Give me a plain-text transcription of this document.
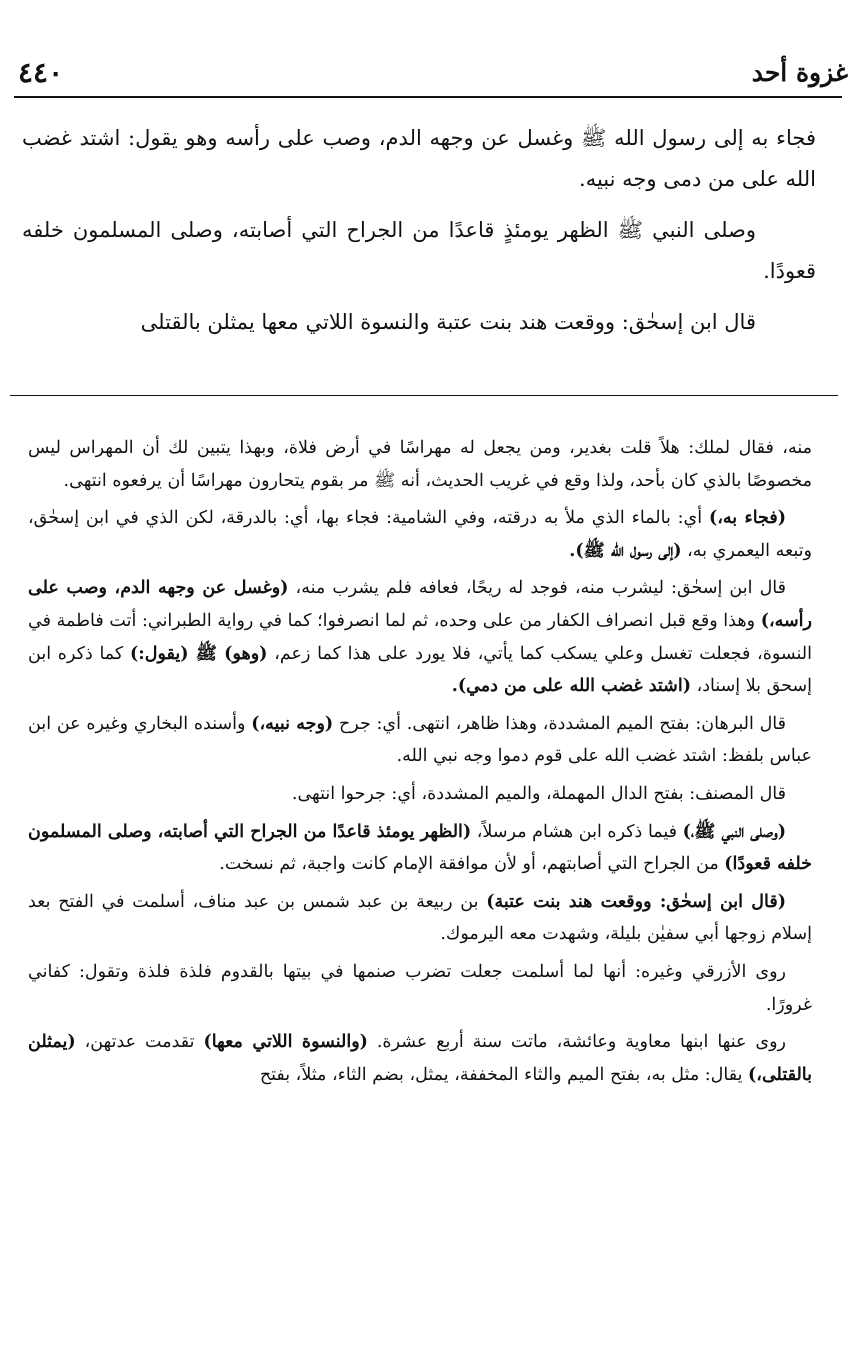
غزوة أحد
٤٤٠

فجاء به إلى رسول الله ﷺ وغسل عن وجهه الدم، وصب على رأسه وهو يقول: اشتد غضب الله على من دمى وجه نبيه.

وصلى النبي ﷺ الظهر يومئذٍ قاعدًا من الجراح التي أصابته، وصلى المسلمون خلفه قعودًا.

قال ابن إسحٰق: ووقعت هند بنت عتبة والنسوة اللاتي معها يمثلن بالقتلى

منه، فقال لملك: هلاً قلت بغدير، ومن يجعل له مهراسًا في أرض فلاة، وبهذا يتبين لك أن المهراس ليس مخصوصًا بالذي كان بأحد، ولذا وقع في غريب الحديث، أنه ﷺ مر بقوم يتحارون مهراسًا أن يرفعوه انتهى.

(فجاء به،) أي: بالماء الذي ملأ به درقته، وفي الشامية: فجاء بها، أي: بالدرقة، لكن الذي في ابن إسحٰق، وتبعه اليعمري به، (إلى رسول الله ﷺ).

قال ابن إسحٰق: ليشرب منه، فوجد له ريحًا، فعافه فلم يشرب منه، (وغسل عن وجهه الدم، وصب على رأسه،) وهذا وقع قبل انصراف الكفار من على وحده، ثم لما انصرفوا؛ كما في رواية الطبراني: أتت فاطمة في النسوة، فجعلت تغسل وعلي يسكب كما يأتي، فلا يورد على هذا كما زعم، (وهو) ﷺ (يقول:) كما ذكره ابن إسحق بلا إسناد، (اشتد غضب الله على من دمي).

قال البرهان: بفتح الميم المشددة، وهذا ظاهر، انتهى. أي: جرح (وجه نبيه،) وأسنده البخاري وغيره عن ابن عباس بلفظ: اشتد غضب الله على قوم دموا وجه نبي الله.

قال المصنف: بفتح الدال المهملة، والميم المشددة، أي: جرحوا انتهى.

(وصلى النبي ﷺ،) فيما ذكره ابن هشام مرسلاً، (الظهر يومئذ قاعدًا من الجراح التي أصابته، وصلى المسلمون خلفه قعودًا) من الجراح التي أصابتهم، أو لأن موافقة الإمام كانت واجبة، ثم نسخت.

(قال ابن إسحٰق: ووقعت هند بنت عتبة) بن ربيعة بن عبد شمس بن عبد مناف، أسلمت في الفتح بعد إسلام زوجها أبي سفيٰن بليلة، وشهدت معه اليرموك.

روى الأزرقي وغيره: أنها لما أسلمت جعلت تضرب صنمها في بيتها بالقدوم فلذة فلذة وتقول: كفاني غرورًا.

روى عنها ابنها معاوية وعائشة، ماتت سنة أربع عشرة. (والنسوة اللاتي معها) تقدمت عدتهن، (يمثلن بالقتلى،) يقال: مثل به، بفتح الميم والثاء المخففة، يمثل، بضم الثاء، مثلاً، بفتح
